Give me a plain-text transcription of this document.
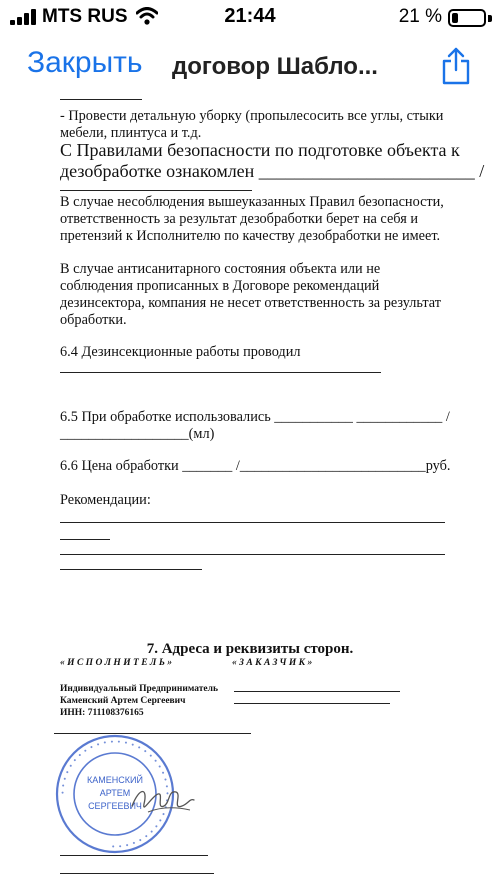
MTS RUS	21:44	21 %
Закрыть договор Шабло...
- Провести детальную уборку (пропылесосить все углы, стыки
мебели, плинтуса и т.д.
С Правилами безопасности по подготовке объекта к
дезобработке ознакомлен ________________________ /
В случае несоблюдения вышеуказанных Правил безопасности,
ответственность за результат дезобработки берет на себя и
претензий к Исполнителю по качеству дезобработки не имеет.
В случае антисанитарного состояния объекта или не
соблюдения прописанных в Договоре рекомендаций
дезинсектора, компания не несет ответственность за результат
обработки.
6.4 Дезинсекционные работы проводил
6.5 При обработке использовались ___________ ____________ /
__________________(мл)
6.6 Цена обработки _______ /__________________________руб.
Рекомендации:
7. Адреса и реквизиты сторон.
«ИСПОЛНИТЕЛЬ»	«ЗАКАЗЧИК»
Индивидуальный Предприниматель
Каменский Артем Сергеевич
ИНН: 711108376165
• • • • • • • • • • • • • • • • • • • • • • • • • • • • • • • • • • • •
КАМЕНСКИЙ
АРТЕМ
СЕРГЕЕВИЧ
